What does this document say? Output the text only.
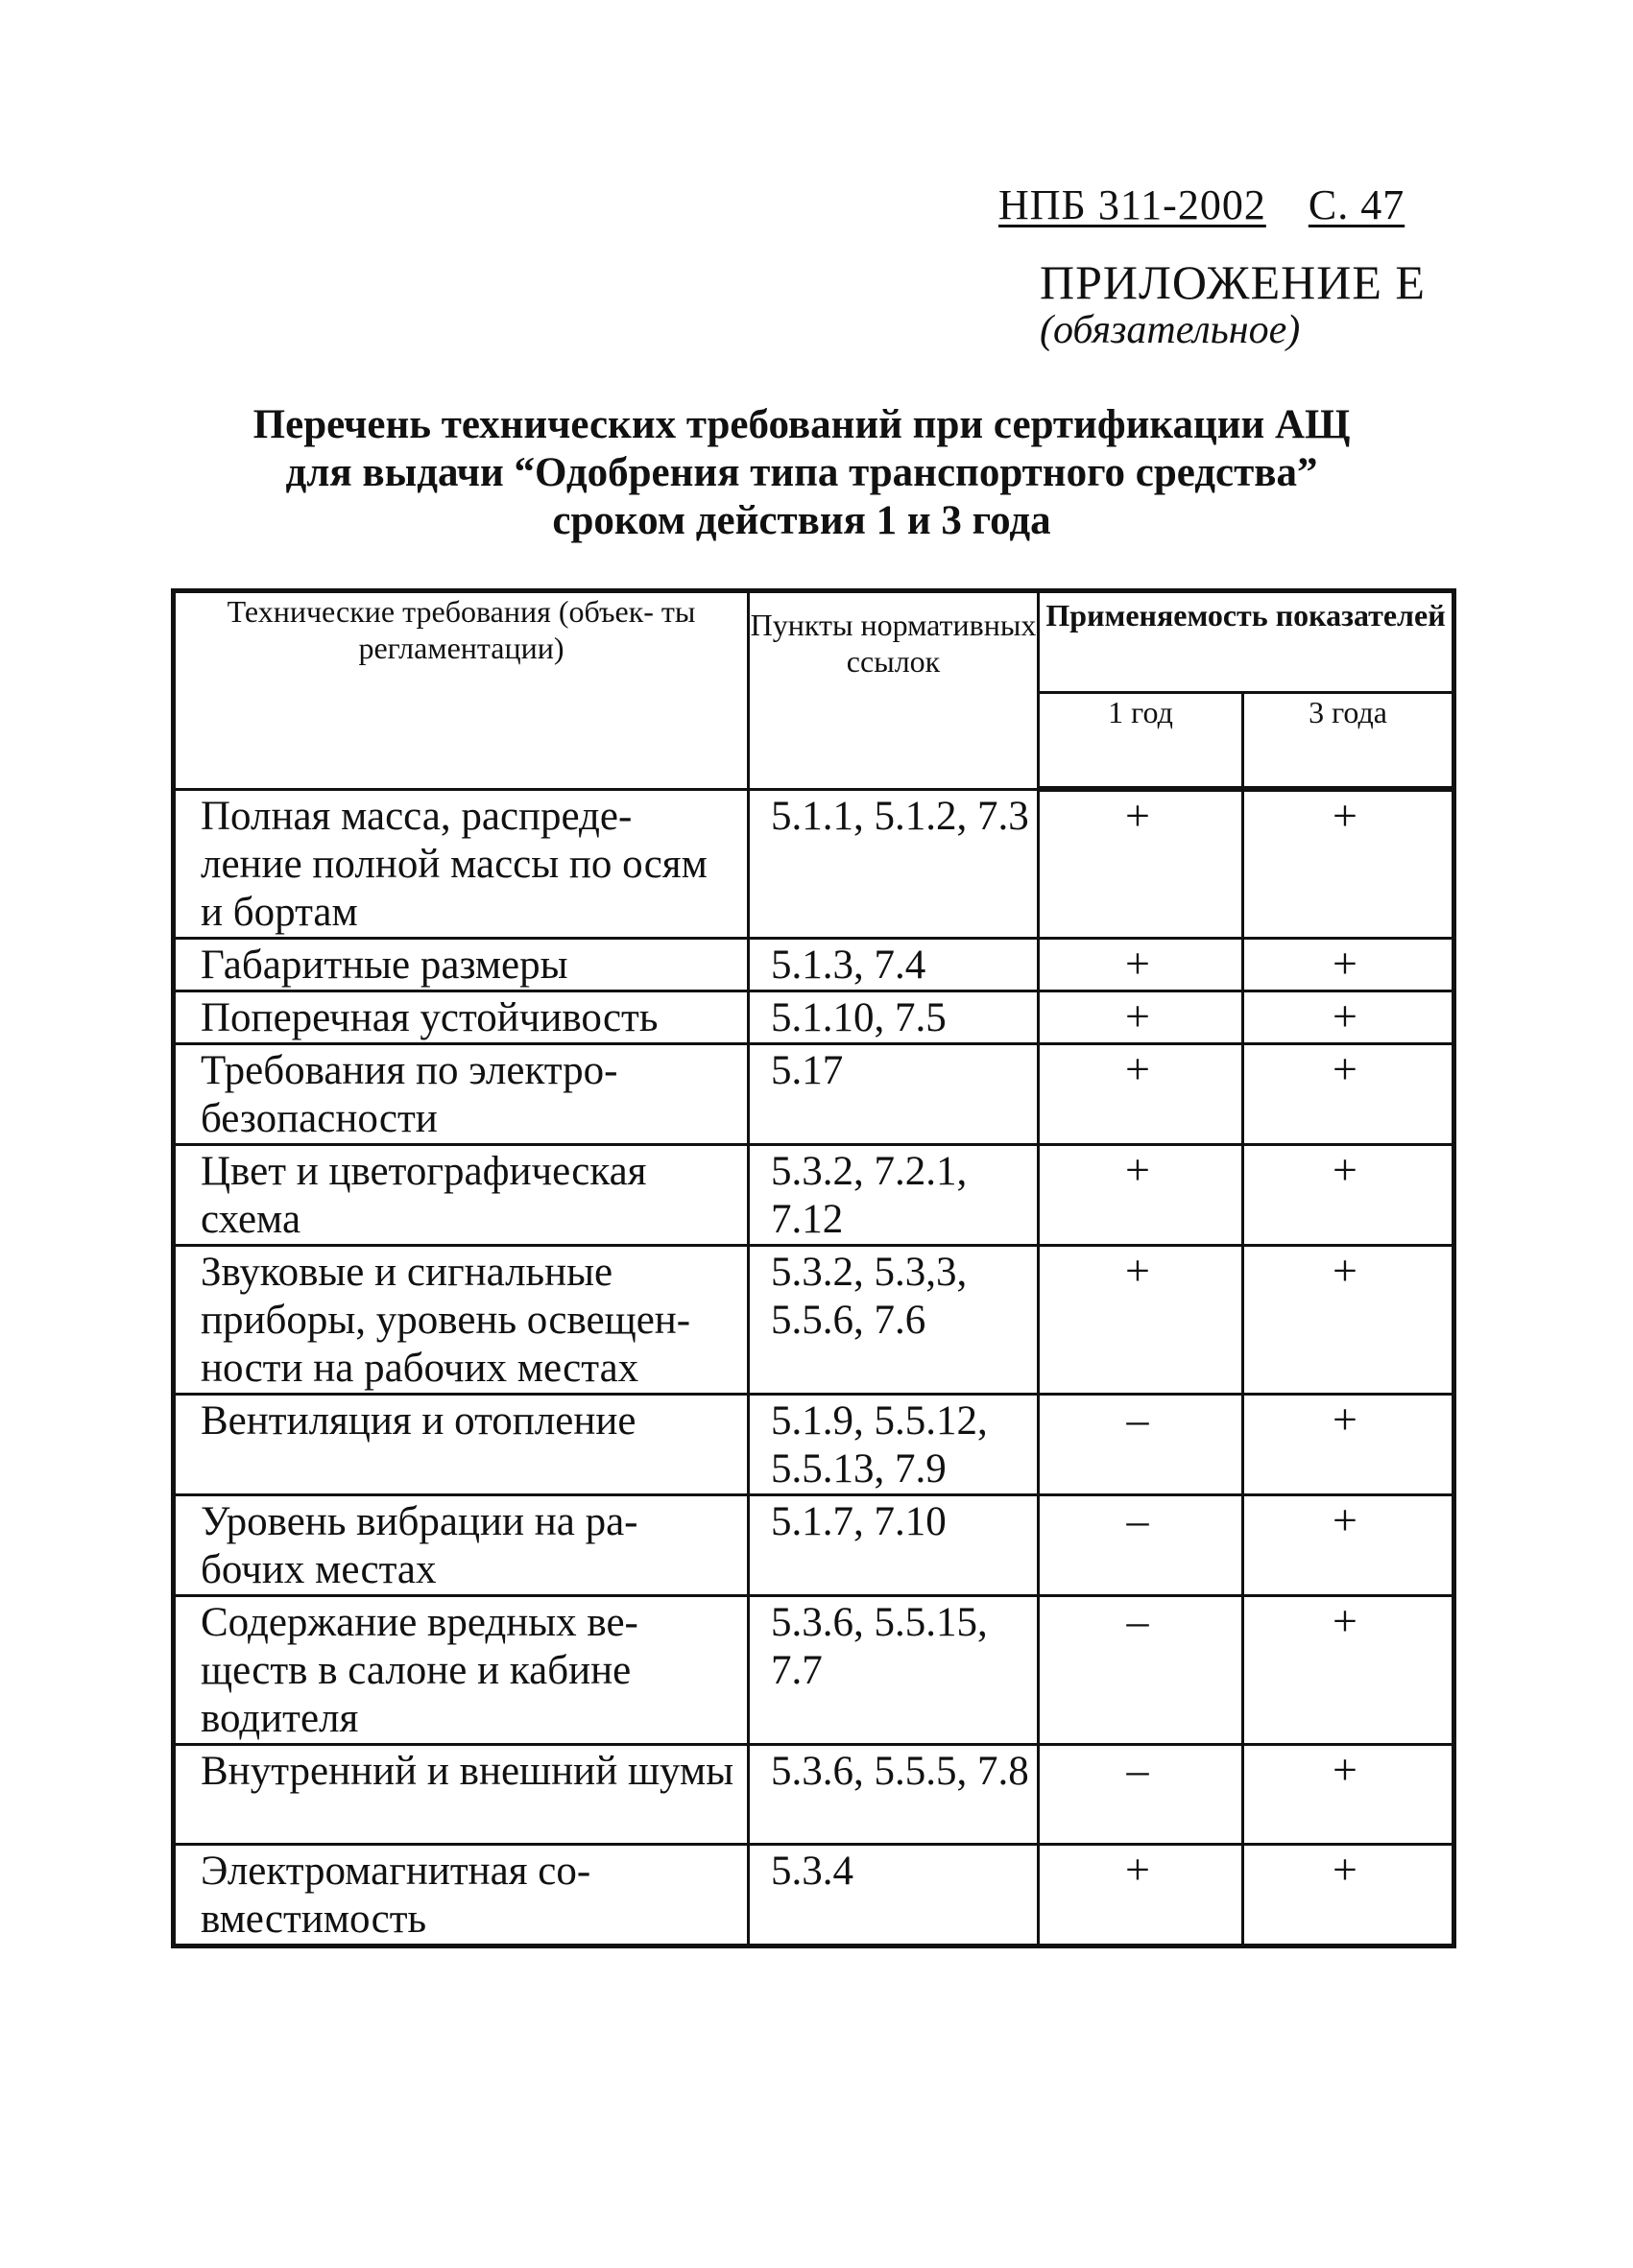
НПБ 311-2002 С. 47
ПРИЛОЖЕНИЕ Е
(обязательное)
Перечень технических требований при сертификации АЩ
для выдачи “Одобрения типа транспортного средства”
сроком действия 1 и 3 года
Технические требования (объек- ты регламентации)	Пункты нормативных ссылок	Применяемость показателей	
		1 год	3 года
Полная масса, распреде- ление полной массы по осям и бортам	5.1.1, 5.1.2, 7.3	+	+
Габаритные размеры	5.1.3, 7.4	+	+
Поперечная устойчивость	5.1.10, 7.5	+	+
Требования по электро- безопасности	5.17	+	+
Цвет и цветографическая схема	5.3.2, 7.2.1, 7.12	+	+
Звуковые и сигнальные приборы, уровень освещен- ности на рабочих местах	5.3.2, 5.3,3, 5.5.6, 7.6	+	+
Вентиляция и отопление	5.1.9, 5.5.12, 5.5.13, 7.9	–	+
Уровень вибрации на ра- бочих местах	5.1.7, 7.10	–	+
Содержание вредных ве- ществ в салоне и кабине водителя	5.3.6, 5.5.15, 7.7	–	+
Внутренний и внешний шумы	5.3.6, 5.5.5, 7.8	–	+
Электромагнитная со- вместимость	5.3.4	+	+
